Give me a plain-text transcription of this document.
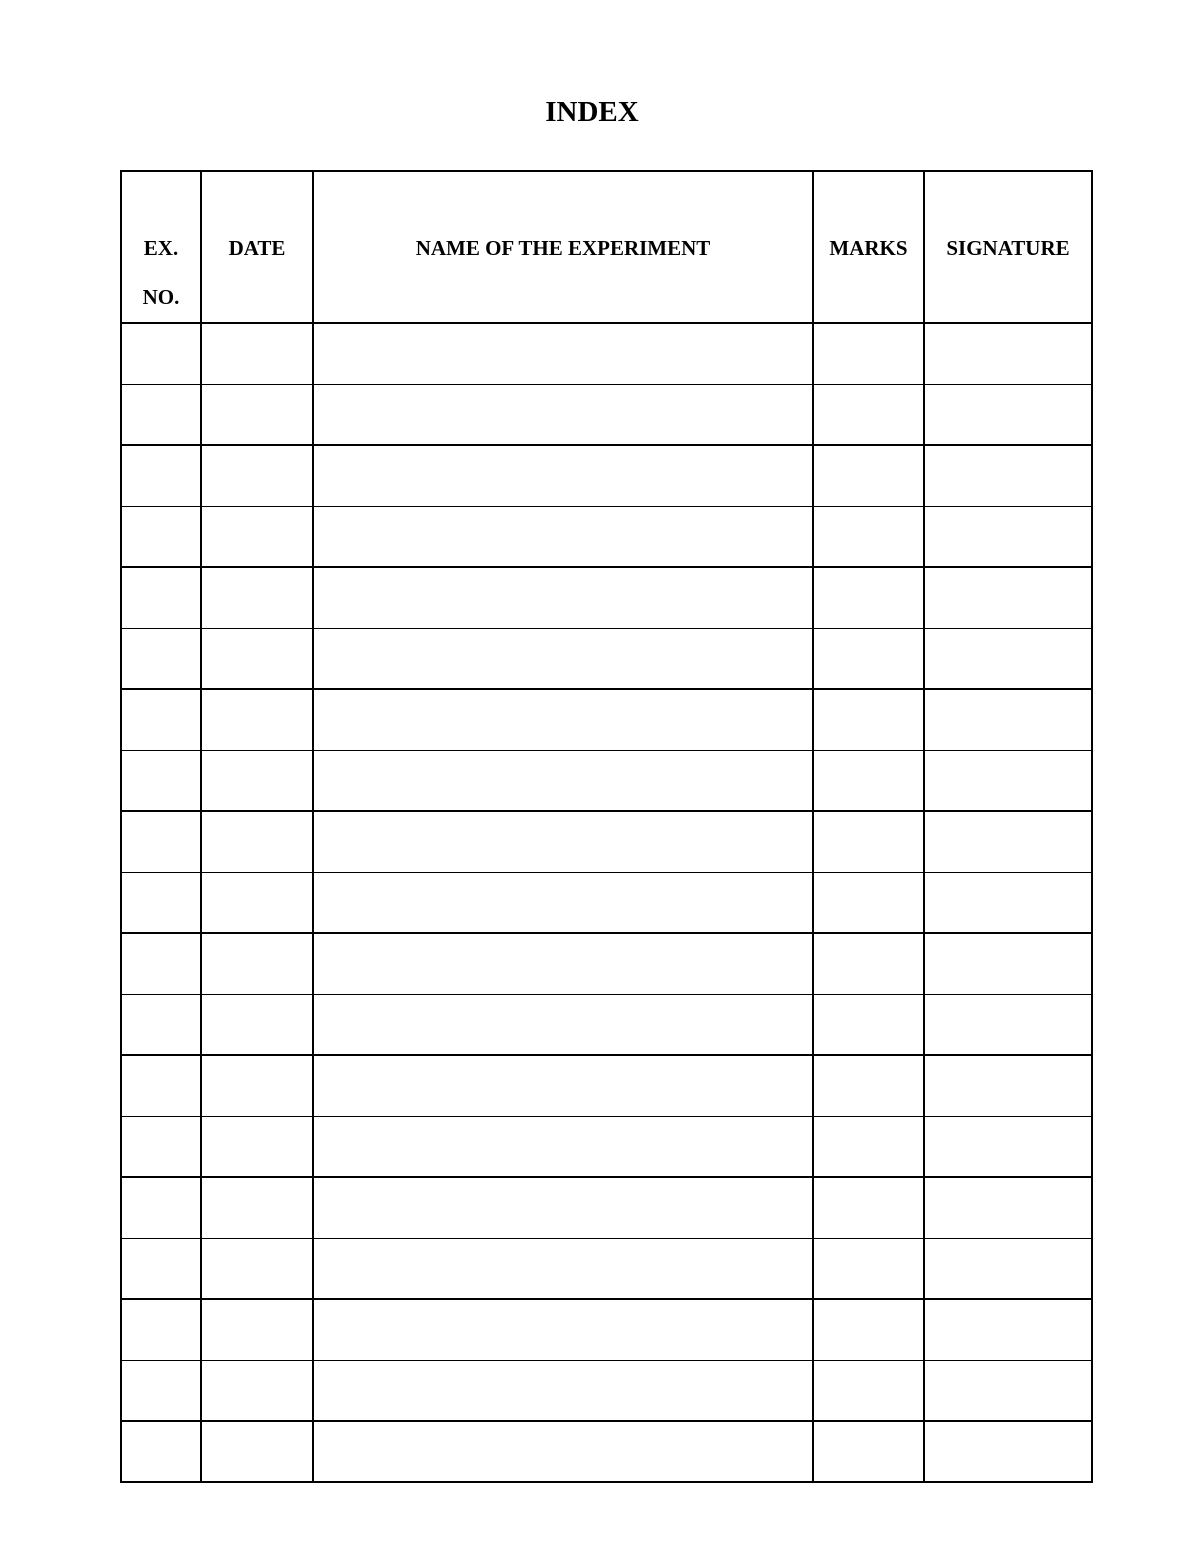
INDEX
EX.
NO.	DATE	NAME OF THE EXPERIMENT	MARKS	SIGNATURE
